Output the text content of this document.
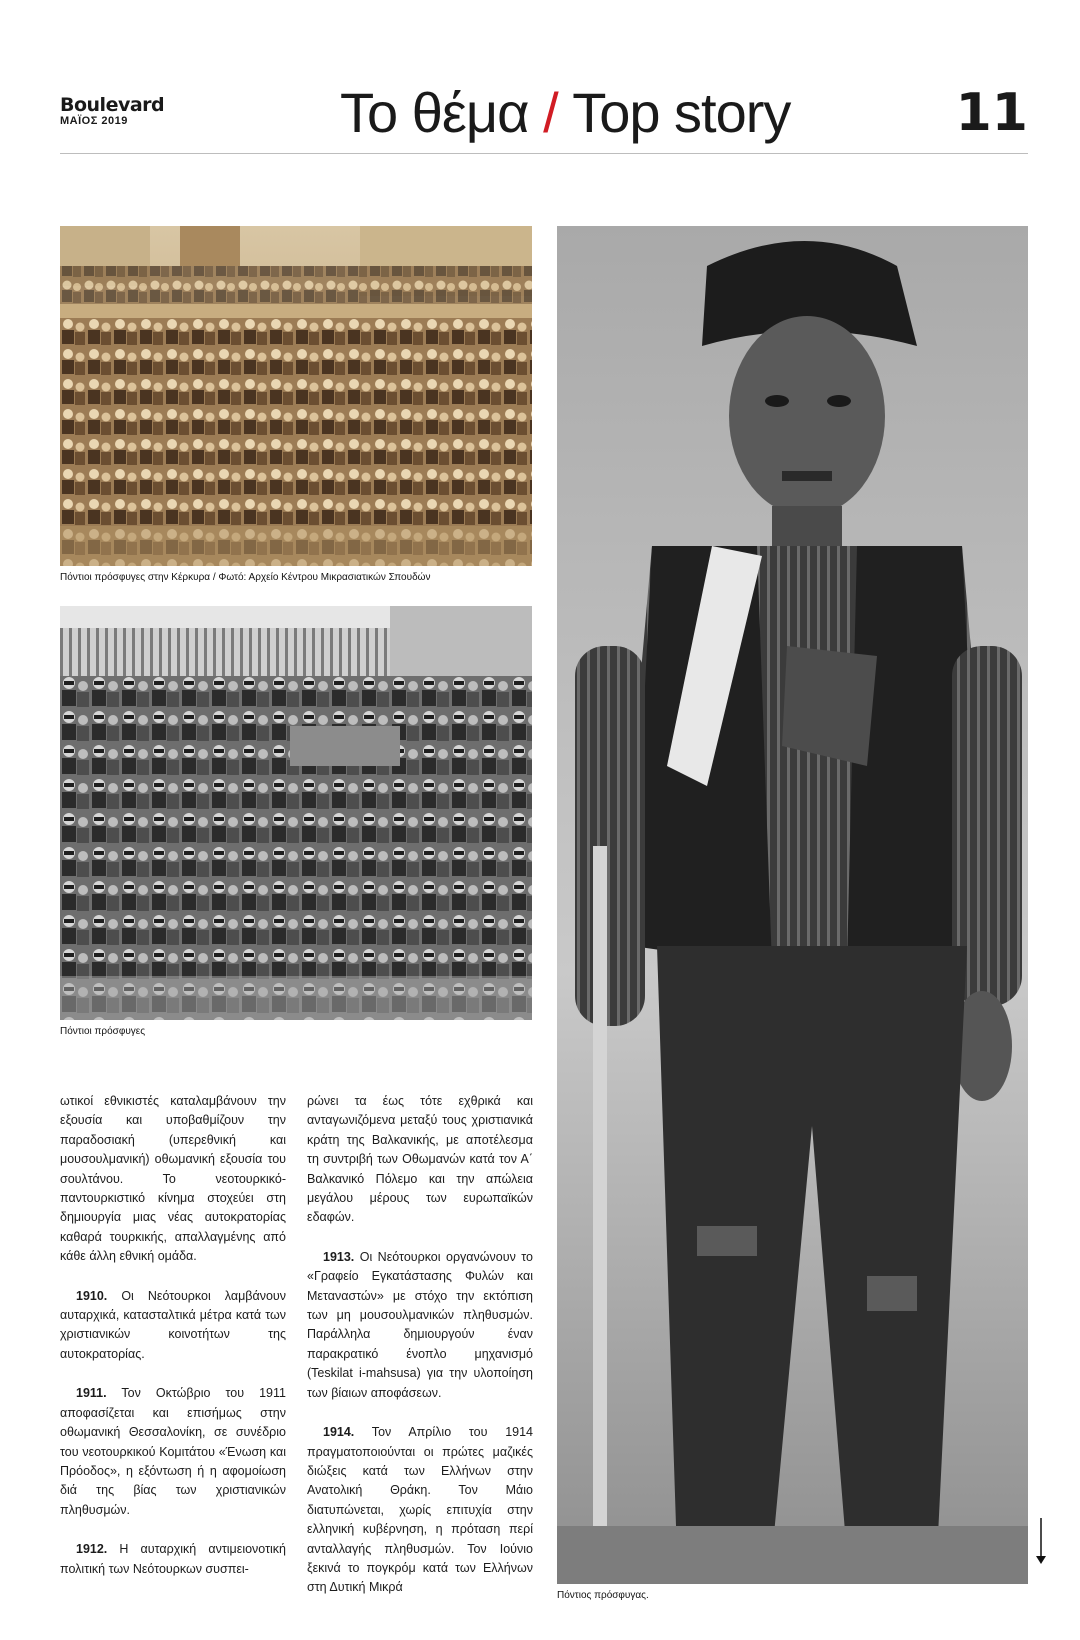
Boulevard
ΜΑΪΟΣ 2019	Το θέμα / Top story	11
Πόντιοι πρόσφυγες στην Κέρκυρα / Φωτό: Αρχείο Κέντρου Μικρασιατικών Σπουδών
Πόντιοι πρόσφυγες
Πόντιος πρόσφυγας.

ωτικοί εθνικιστές καταλαμβάνουν την εξουσία και υποβαθμίζουν την παραδοσιακή (υπερεθνική και μουσουλμανική) οθωμανική εξουσία του σουλτάνου. Το νεοτουρκικό-παντουρκιστικό κίνημα στοχεύει στη δημιουργία μιας νέας αυτοκρατορίας καθαρά τουρκικής, απαλλαγμένης από κάθε άλλη εθνική ομάδα.

1910. Οι Νεότουρκοι λαμβάνουν αυταρχικά, κατασταλτικά μέτρα κατά των χριστιανικών κοινοτήτων της αυτοκρατορίας.

1911. Τον Οκτώβριο του 1911 αποφασίζεται και επισήμως στην οθωμανική Θεσσαλονίκη, σε συνέδριο του νεοτουρκικού Κομιτάτου «Ένωση και Πρόοδος», η εξόντωση ή η αφομοίωση διά της βίας των χριστιανικών πληθυσμών.

1912. Η αυταρχική αντιμειονοτική πολιτική των Νεότουρκων συσπει-

ρώνει τα έως τότε εχθρικά και ανταγωνιζόμενα μεταξύ τους χριστιανικά κράτη της Βαλκανικής, με αποτέλεσμα τη συντριβή των Οθωμανών κατά τον Α΄ Βαλκανικό Πόλεμο και την απώλεια μεγάλου μέρους των ευρωπαϊκών εδαφών.

1913. Οι Νεότουρκοι οργανώνουν το «Γραφείο Εγκατάστασης Φυλών και Μεταναστών» με στόχο την εκτόπιση των μη μουσουλμανικών πληθυσμών. Παράλληλα δημιουργούν έναν παρακρατικό ένοπλο μηχανισμό (Teskilat i-mahsusa) για την υλοποίηση των βίαιων αποφάσεων.

1914. Τον Απρίλιο του 1914 πραγματοποιούνται οι πρώτες μαζικές διώξεις κατά των Ελλήνων στην Ανατολική Θράκη. Τον Μάιο διατυπώνεται, χωρίς επιτυχία στην ελληνική κυβέρνηση, η πρόταση περί ανταλλαγής πληθυσμών. Τον Ιούνιο ξεκινά το πογκρόμ κατά των Ελλήνων στη Δυτική Μικρά
